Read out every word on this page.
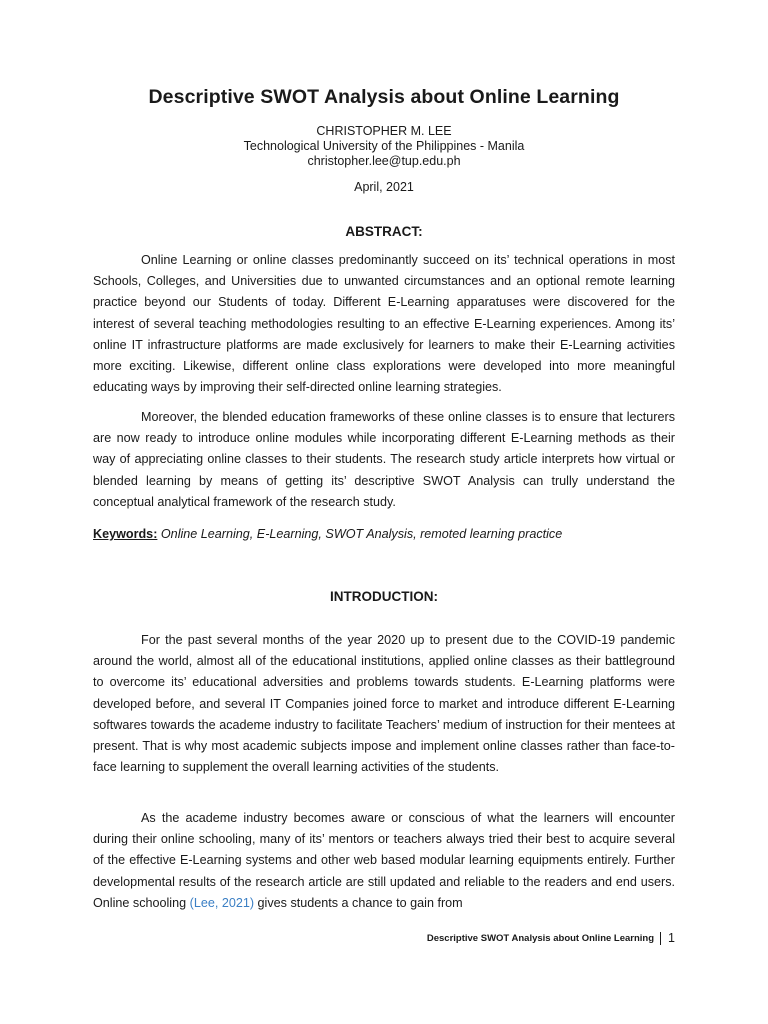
Descriptive SWOT Analysis about Online Learning
CHRISTOPHER M. LEE
Technological University of the Philippines - Manila
christopher.lee@tup.edu.ph
April, 2021
ABSTRACT:

Online Learning or online classes predominantly succeed on its’ technical operations in most Schools, Colleges, and Universities due to unwanted circumstances and an optional remote learning practice beyond our Students of today. Different E-Learning apparatuses were discovered for the interest of several teaching methodologies resulting to an effective E-Learning experiences. Among its’ online IT infrastructure platforms are made exclusively for learners to make their E-Learning activities more exciting. Likewise, different online class explorations were developed into more meaningful educating ways by improving their self-directed online learning strategies.

Moreover, the blended education frameworks of these online classes is to ensure that lecturers are now ready to introduce online modules while incorporating different E-Learning methods as their way of appreciating online classes to their students. The research study article interprets how virtual or blended learning by means of getting its’ descriptive SWOT Analysis can trully understand the conceptual analytical framework of the research study.

Keywords: Online Learning, E-Learning, SWOT Analysis, remoted learning practice

INTRODUCTION:

For the past several months of the year 2020 up to present due to the COVID-19 pandemic around the world, almost all of the educational institutions, applied online classes as their battleground to overcome its’ educational adversities and problems towards students. E-Learning platforms were developed before, and several IT Companies joined force to market and introduce different E-Learning softwares towards the academe industry to facilitate Teachers’ medium of instruction for their mentees at present. That is why most academic subjects impose and implement online classes rather than face-to-face learning to supplement the overall learning activities of the students.

As the academe industry becomes aware or conscious of what the learners will encounter during their online schooling, many of its’ mentors or teachers always tried their best to acquire several of the effective E-Learning systems and other web based modular learning equipments entirely. Further developmental results of the research article are still updated and reliable to the readers and end users. Online schooling (Lee, 2021) gives students a chance to gain from

Descriptive SWOT Analysis about Online Learning 1
